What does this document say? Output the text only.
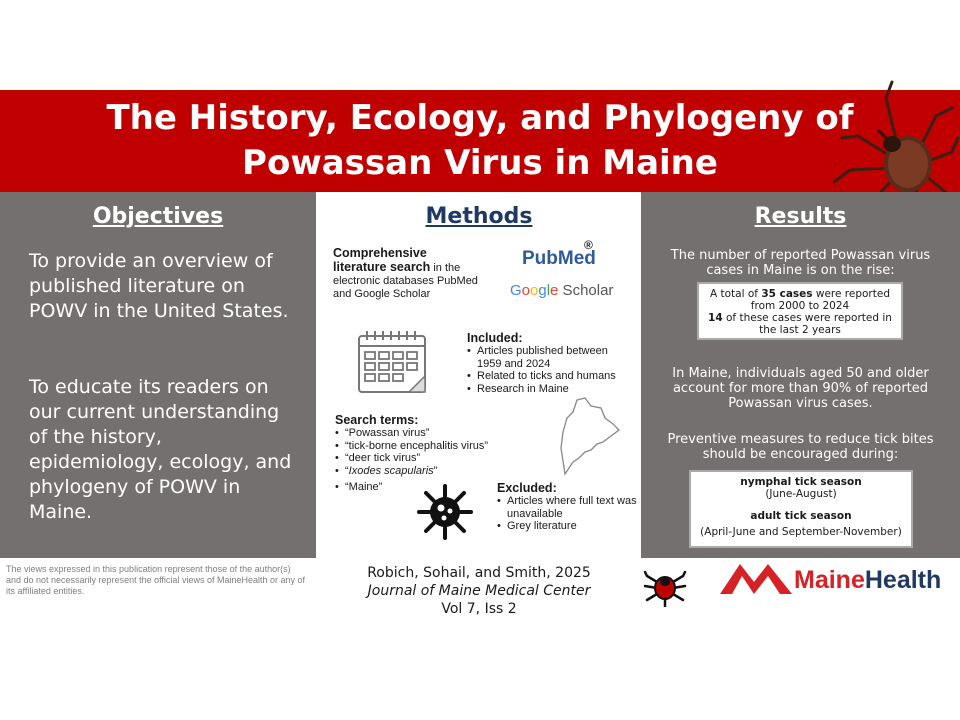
The History, Ecology, and Phylogeny of
Powassan Virus in Maine
Objectives
To provide an overview of published literature on POWV in the United States.
To educate its readers on our current understanding of the history, epidemiology, ecology, and phylogeny of POWV in Maine.
Methods
Comprehensive literature search in the electronic databases PubMed and Google Scholar
PubMed
®
Google Scholar
Included:
• Articles published between 1959 and 2024
• Related to ticks and humans
• Research in Maine
Search terms:
• “Powassan virus”
• “tick-borne encephalitis virus”
• “deer tick virus”
• “Ixodes scapularis”
• “Maine”	Excluded:
• Articles where full text was unavailable
• Grey literature
Results
The number of reported Powassan virus cases in Maine is on the rise:
A total of 35 cases were reported from 2000 to 2024
14 of these cases were reported in the last 2 years
In Maine, individuals aged 50 and older account for more than 90% of reported Powassan virus cases.
Preventive measures to reduce tick bites should be encouraged during:
nymphal tick season
(June-August)
adult tick season
(April-June and September-November)
The views expressed in this publication represent those of the author(s) and do not necessarily represent the official views of MaineHealth or any of its affiliated entities.
Robich, Sohail, and Smith, 2025
Journal of Maine Medical Center
Vol 7, Iss 2
MaineHealth
